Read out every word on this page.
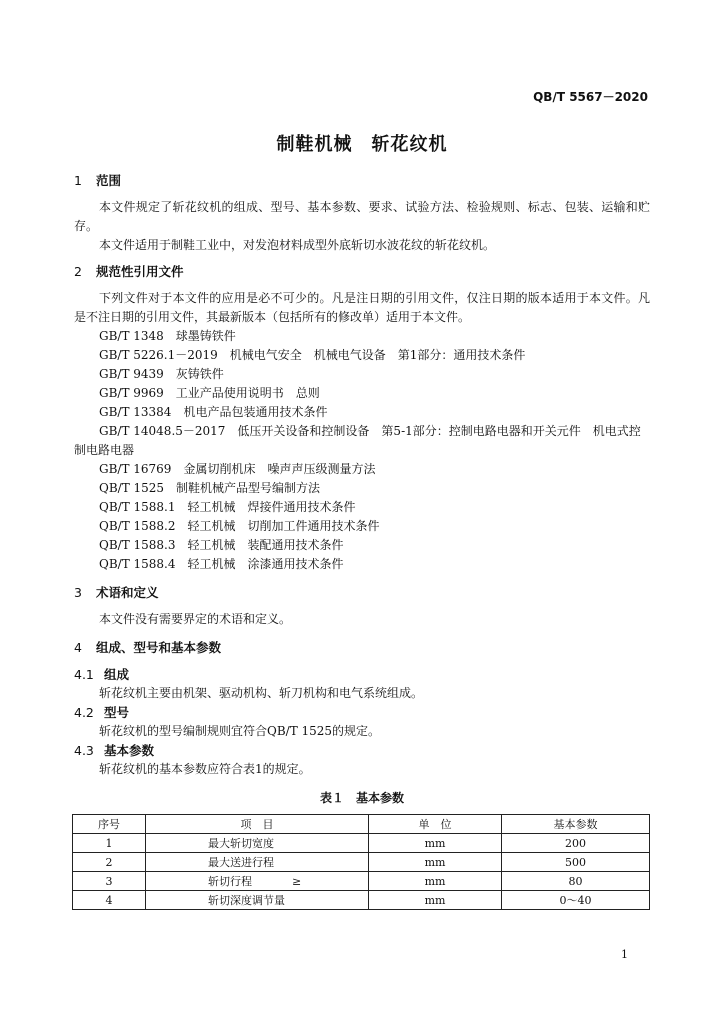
QB/T 5567－2020
制鞋机械　斩花纹机
1 范围

本文件规定了斩花纹机的组成、型号、基本参数、要求、试验方法、检验规则、标志、包装、运输和贮存。

本文件适用于制鞋工业中，对发泡材料成型外底斩切水波花纹的斩花纹机。

2 规范性引用文件

下列文件对于本文件的应用是必不可少的。凡是注日期的引用文件，仅注日期的版本适用于本文件。凡是不注日期的引用文件，其最新版本（包括所有的修改单）适用于本文件。

GB/T 1348　球墨铸铁件
GB/T 5226.1－2019　机械电气安全　机械电气设备　第1部分：通用技术条件
GB/T 9439　灰铸铁件
GB/T 9969　工业产品使用说明书　总则
GB/T 13384　机电产品包装通用技术条件
GB/T 14048.5－2017　低压开关设备和控制设备　第5-1部分：控制电路电器和开关元件　机电式控制电路电器
GB/T 16769　金属切削机床　噪声声压级测量方法
QB/T 1525　制鞋机械产品型号编制方法
QB/T 1588.1　轻工机械　焊接件通用技术条件
QB/T 1588.2　轻工机械　切削加工件通用技术条件
QB/T 1588.3　轻工机械　装配通用技术条件
QB/T 1588.4　轻工机械　涂漆通用技术条件
3 术语和定义

本文件没有需要界定的术语和定义。

4 组成、型号和基本参数
4.1 组成

斩花纹机主要由机架、驱动机构、斩刀机构和电气系统组成。

4.2 型号

斩花纹机的型号编制规则宜符合QB/T 1525的规定。

4.3 基本参数

斩花纹机的基本参数应符合表1的规定。

表１　基本参数
序号	项　目	单　位	基本参数
1	最大斩切宽度	mm	200
2	最大送进行程	mm	500
3	斩切行程 ≥	mm	80
4	斩切深度调节量	mm	0～40
1
